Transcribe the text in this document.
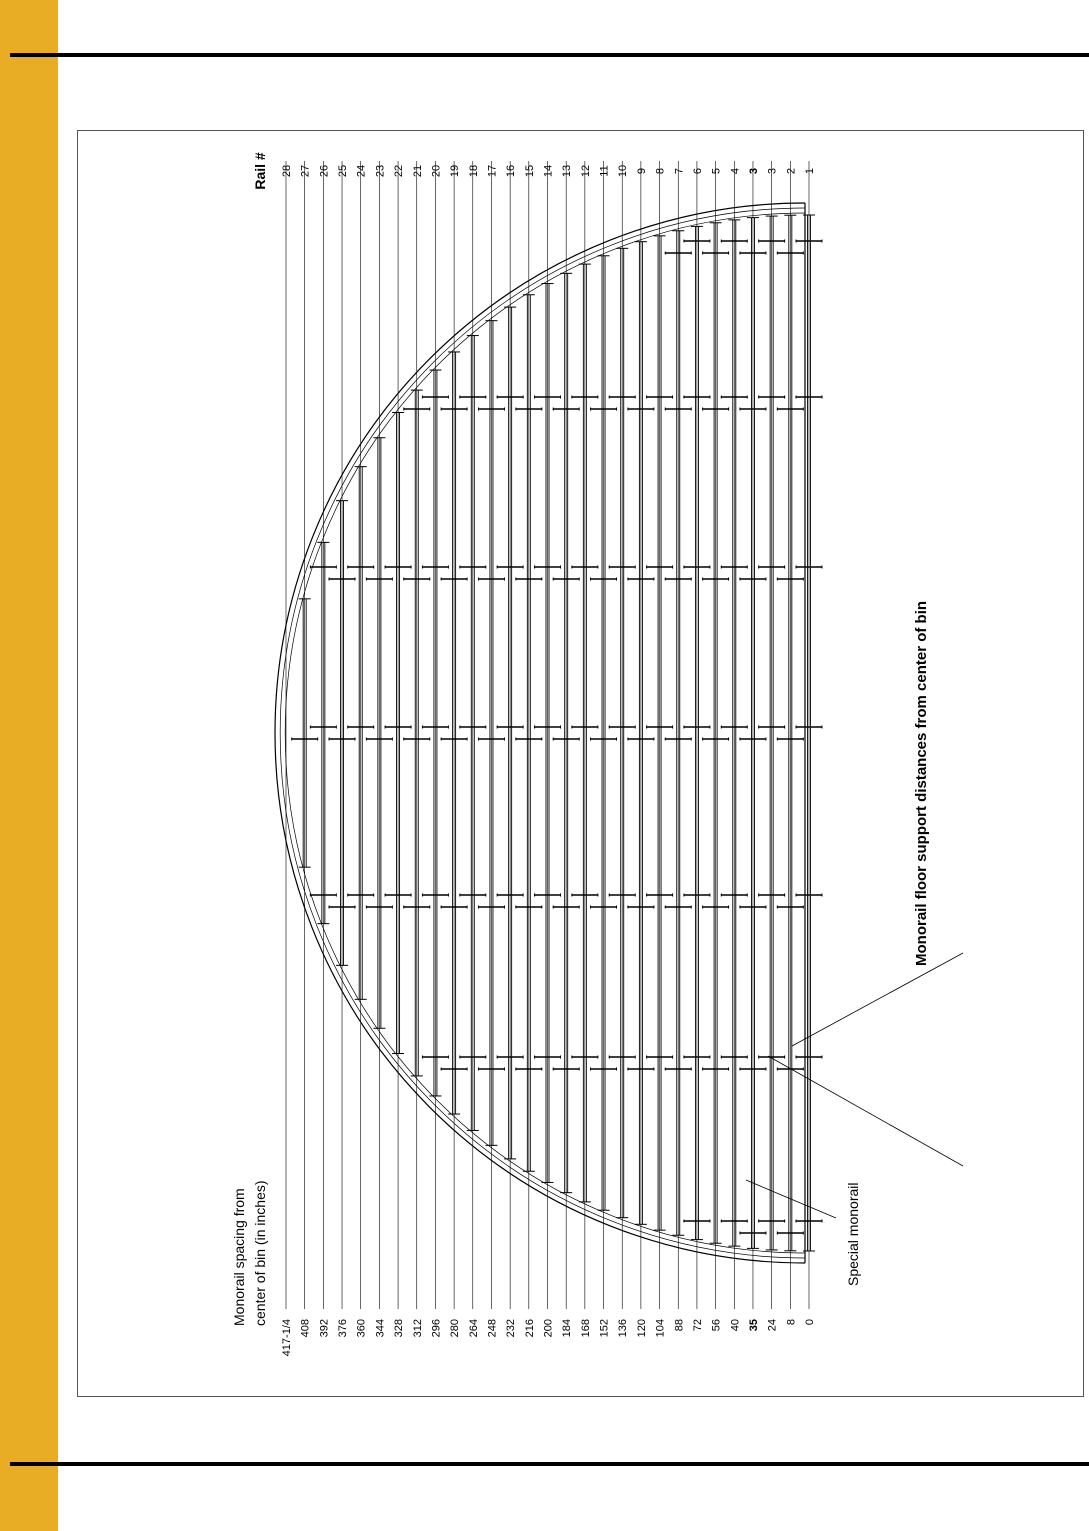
1
0
2
8
3
24
3
35
4
40
5
56
6
72
7
88
8
104
9
120
10
136
11
152
12
168
13
184
14
200
15
216
16
232
17
248
18
264
19
280
20
296
21
312
22
328
23
344
24
360
25
376
26
392
27
408
28
417-1/4
Rail #
Monorail spacing from center of bin (in inches)	Special monorail
Monorail floor support distances from center of bin
